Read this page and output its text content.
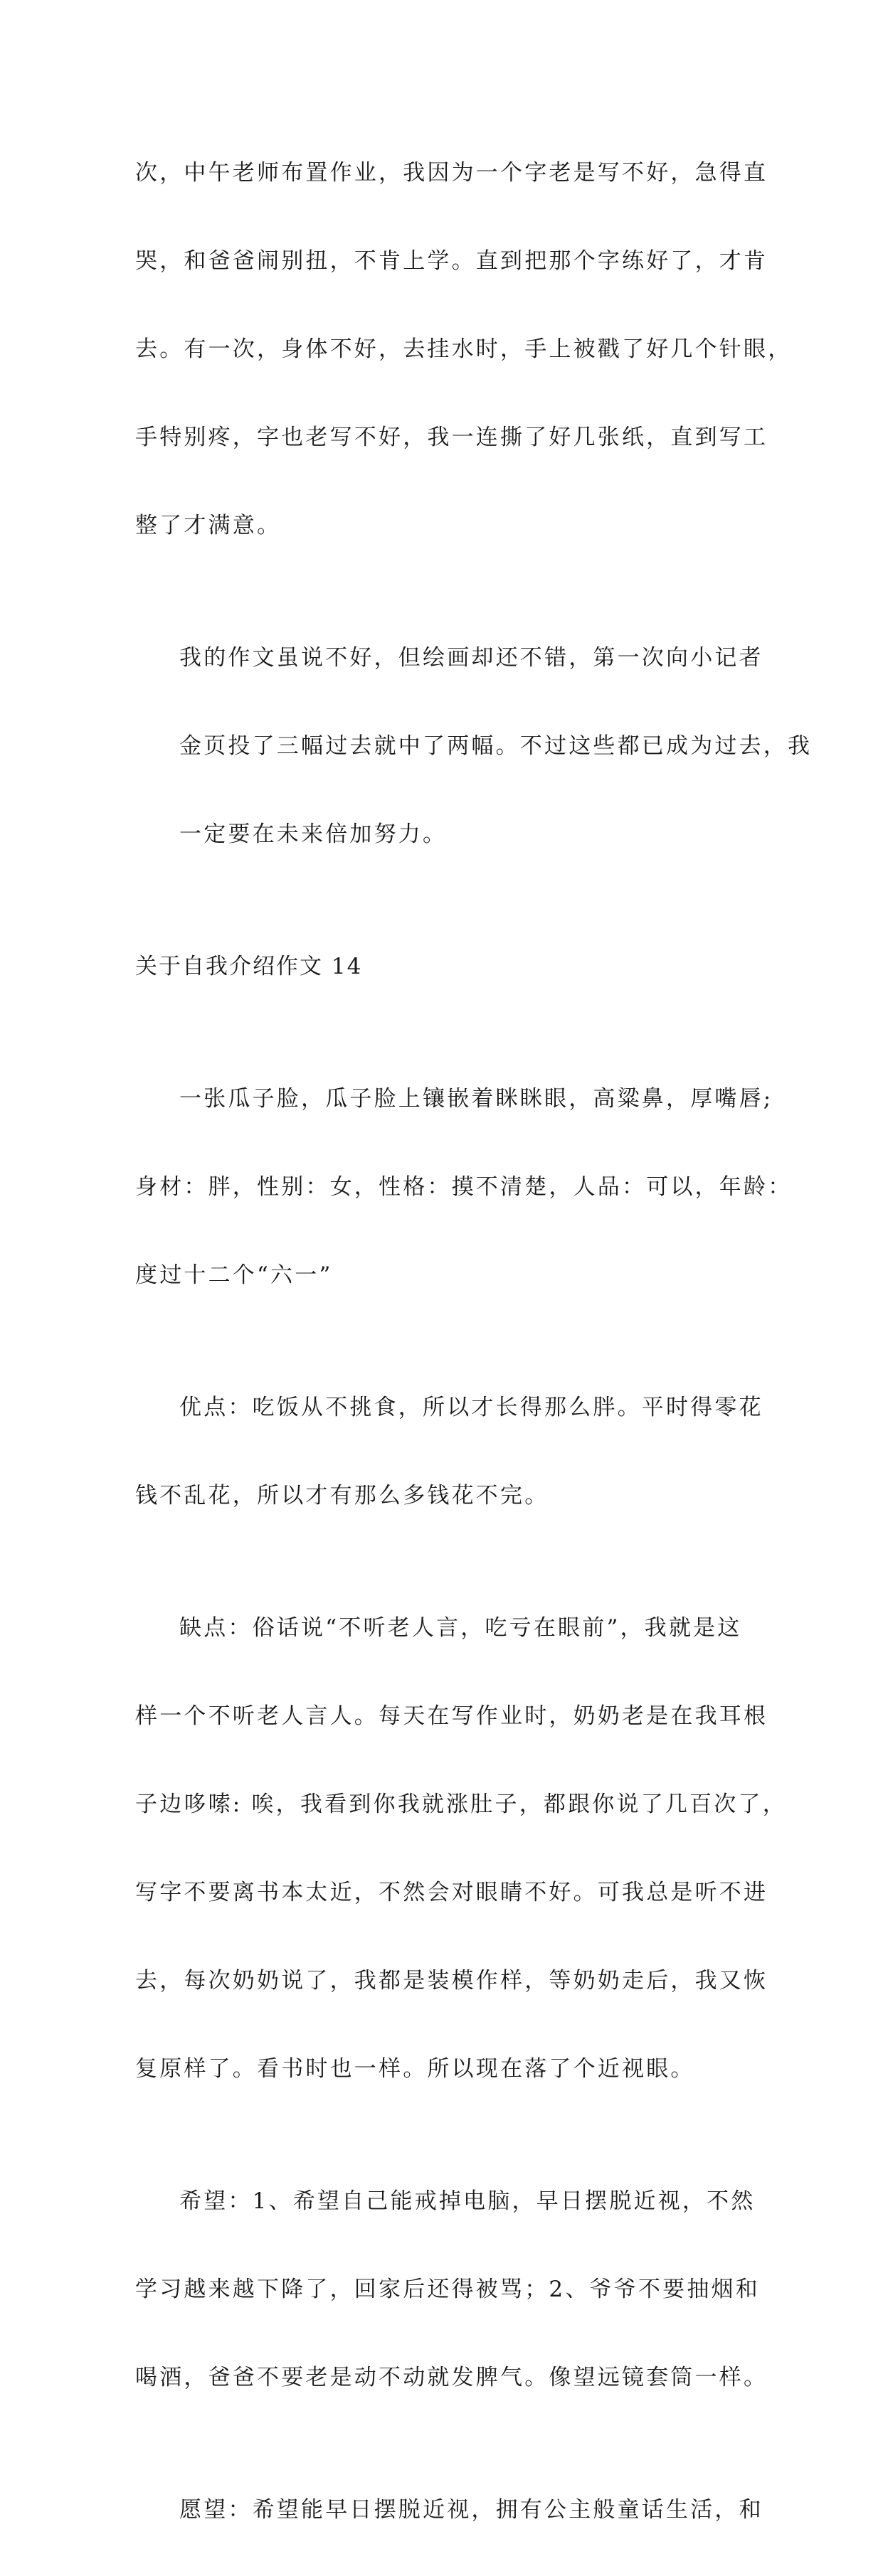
次，中午老师布置作业，我因为一个字老是写不好，急得直

哭，和爸爸闹别扭，不肯上学。直到把那个字练好了，才肯

去。有一次，身体不好，去挂水时，手上被戳了好几个针眼，

手特别疼，字也老写不好，我一连撕了好几张纸，直到写工

整了才满意。

我的作文虽说不好，但绘画却还不错，第一次向小记者

金页投了三幅过去就中了两幅。不过这些都已成为过去，我

一定要在未来倍加努力。

关于自我介绍作文 14

一张瓜子脸，瓜子脸上镶嵌着眯眯眼，高粱鼻，厚嘴唇;

身材：胖，性别：女，性格：摸不清楚，人品：可以，年龄：

度过十二个“六一”

优点：吃饭从不挑食，所以才长得那么胖。平时得零花

钱不乱花，所以才有那么多钱花不完。

缺点：俗话说“不听老人言，吃亏在眼前”，我就是这

样一个不听老人言人。每天在写作业时，奶奶老是在我耳根

子边哆嗦: 唉，我看到你我就涨肚子，都跟你说了几百次了，

写字不要离书本太近，不然会对眼睛不好。可我总是听不进

去，每次奶奶说了，我都是装模作样，等奶奶走后，我又恢

复原样了。看书时也一样。所以现在落了个近视眼。

希望：1、希望自己能戒掉电脑，早日摆脱近视，不然

学习越来越下降了，回家后还得被骂；2、爷爷不要抽烟和

喝酒，爸爸不要老是动不动就发脾气。像望远镜套筒一样。

愿望：希望能早日摆脱近视，拥有公主般童话生活，和
